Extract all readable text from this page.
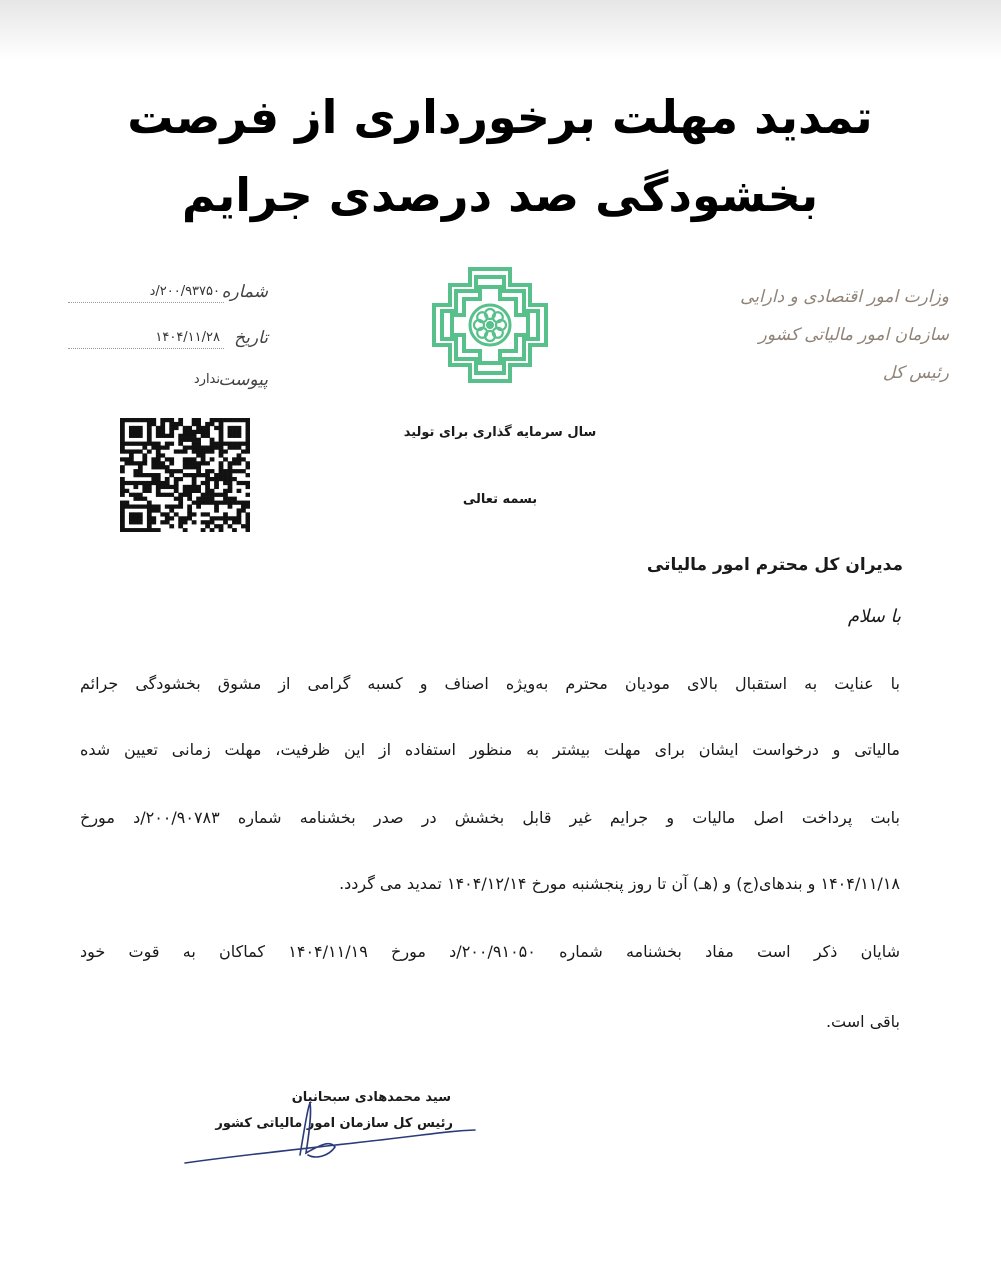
تمدید مهلت برخورداری از فرصت
بخشودگی صد درصدی جرایم
شماره
۲۰۰/۹۳۷۵۰/د
تاریخ
۱۴۰۴/۱۱/۲۸
پیوست
ندارد
وزارت امور اقتصادی و دارایی
سازمان امور مالیاتی کشور
رئیس کل
سال سرمایه گذاری برای تولید
بسمه تعالی
مدیران کل محترم امور مالیاتی
با سلام
با عنایت به استقبال بالای مودیان محترم به‌ویژه اصناف و کسبه گرامی از مشوق بخشودگی جرائم
مالیاتی و درخواست ایشان برای مهلت بیشتر به منظور استفاده از این ظرفیت، مهلت زمانی تعیین شده
بابت پرداخت اصل مالیات و جرایم غیر قابل بخشش در صدر بخشنامه شماره ۲۰۰/۹۰۷۸۳/د مورخ
۱۴۰۴/۱۱/۱۸ و بندهای(ج) و (هـ) آن تا روز پنجشنبه مورخ ۱۴۰۴/۱۲/۱۴ تمدید می گردد.
شایان ذکر است مفاد بخشنامه شماره ۲۰۰/۹۱۰۵۰/د مورخ ۱۴۰۴/۱۱/۱۹ کماکان به قوت خود
باقی است.
سید محمدهادی سبحانیان
رئیس کل سازمان امور مالیاتی کشور
